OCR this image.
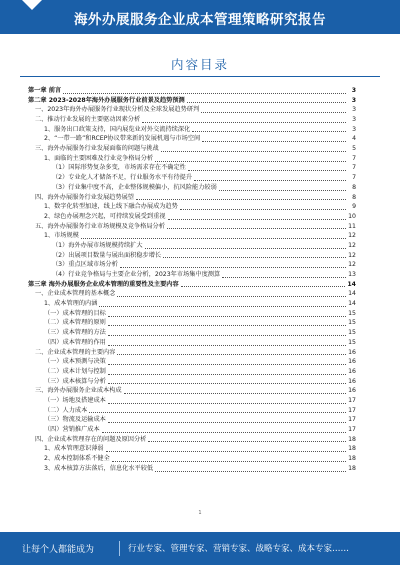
海外办展服务企业成本管理策略研究报告
内容目录
第一章 前言	3
第二章 2023-2028年海外办展服务行业前景及趋势预测	3
一、2023年海外办展服务行业现状分析及全球发展趋势研判	3
二、推动行业发展的主要驱动因素分析	3
1、服务出口政策支持，国内展览业对外交流持续深化	3
2、“一带一路”和RCEP协议带来新的发展机遇与市场空间	4
三、海外办展服务行业发展面临的问题与挑战	5
1、面临的主要困难及行业竞争格局分析	7
（1）国际形势复杂多变，市场需求存在不确定性	7
（2）专业化人才储备不足，行业服务水平有待提升	7
（3）行业集中度不高，企业整体规模偏小，抗风险能力较弱	8
四、海外办展服务行业发展趋势展望	8
1、数字化转型加速，线上线下融合办展成为趋势	9
2、绿色办展理念兴起，可持续发展受到重视	10
五、海外办展服务行业市场规模及竞争格局分析	11
1、市场规模	12
（1）海外办展市场规模持续扩大	12
（2）出展项目数量与展出面积稳步增长	12
（3）重点区域市场分析	12
（4）行业竞争格局与主要企业分析，2023年市场集中度测算	13
第三章 海外办展服务企业成本管理的重要性及主要内容	14
一、企业成本管理的基本概念	14
1、成本管理的内涵	14
（一）成本管理的目标	15
（二）成本管理的原则	15
（三）成本管理的方法	15
（四）成本管理的作用	15
二、企业成本管理的主要内容	16
（一）成本预测与决策	16
（二）成本计划与控制	16
（三）成本核算与分析	16
三、海外办展服务企业成本构成	16
（一）场地及搭建成本	17
（二）人力成本	17
（三）物流及运输成本	17
（四）营销推广成本	17
四、企业成本管理存在的问题及原因分析	18
1、成本管理意识薄弱	18
2、成本控制体系不健全	18
3、成本核算方法落后，信息化水平较低	18
1
让每个人都能成为	行业专家、管理专家、营销专家、战略专家、成本专家……
